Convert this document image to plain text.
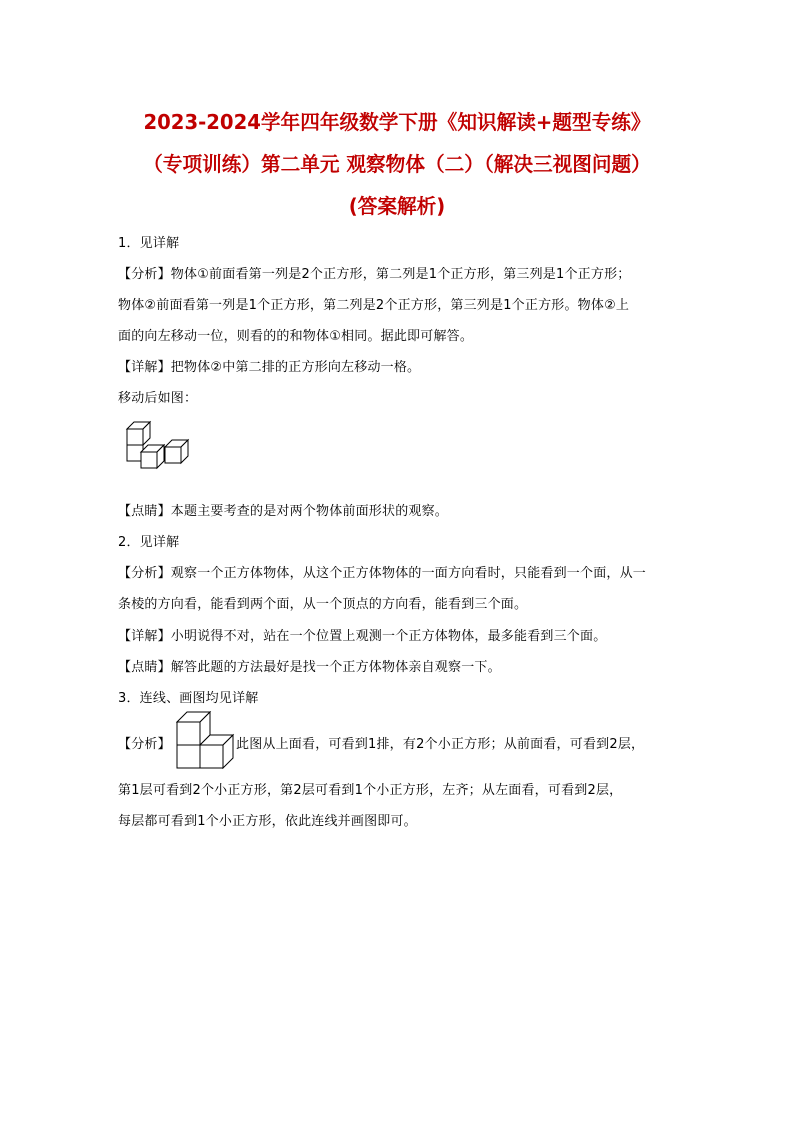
2023-2024学年四年级数学下册《知识解读+题型专练》
（专项训练）第二单元 观察物体（二）（解决三视图问题）
(答案解析)
1．见详解
【分析】物体①前面看第一列是2个正方形，第二列是1个正方形，第三列是1个正方形；
物体②前面看第一列是1个正方形，第二列是2个正方形，第三列是1个正方形。物体②上
面的向左移动一位，则看的的和物体①相同。据此即可解答。
【详解】把物体②中第二排的正方形向左移动一格。
移动后如图：
【点睛】本题主要考查的是对两个物体前面形状的观察。
2．见详解
【分析】观察一个正方体物体，从这个正方体物体的一面方向看时，只能看到一个面，从一
条棱的方向看，能看到两个面，从一个顶点的方向看，能看到三个面。
【详解】小明说得不对，站在一个位置上观测一个正方体物体，最多能看到三个面。
【点睛】解答此题的方法最好是找一个正方体物体亲自观察一下。
3．连线、画图均见详解
【分析】	此图从上面看，可看到1排，有2个小正方形；从前面看，可看到2层，
第1层可看到2个小正方形，第2层可看到1个小正方形，左齐；从左面看，可看到2层，
每层都可看到1个小正方形，依此连线并画图即可。
